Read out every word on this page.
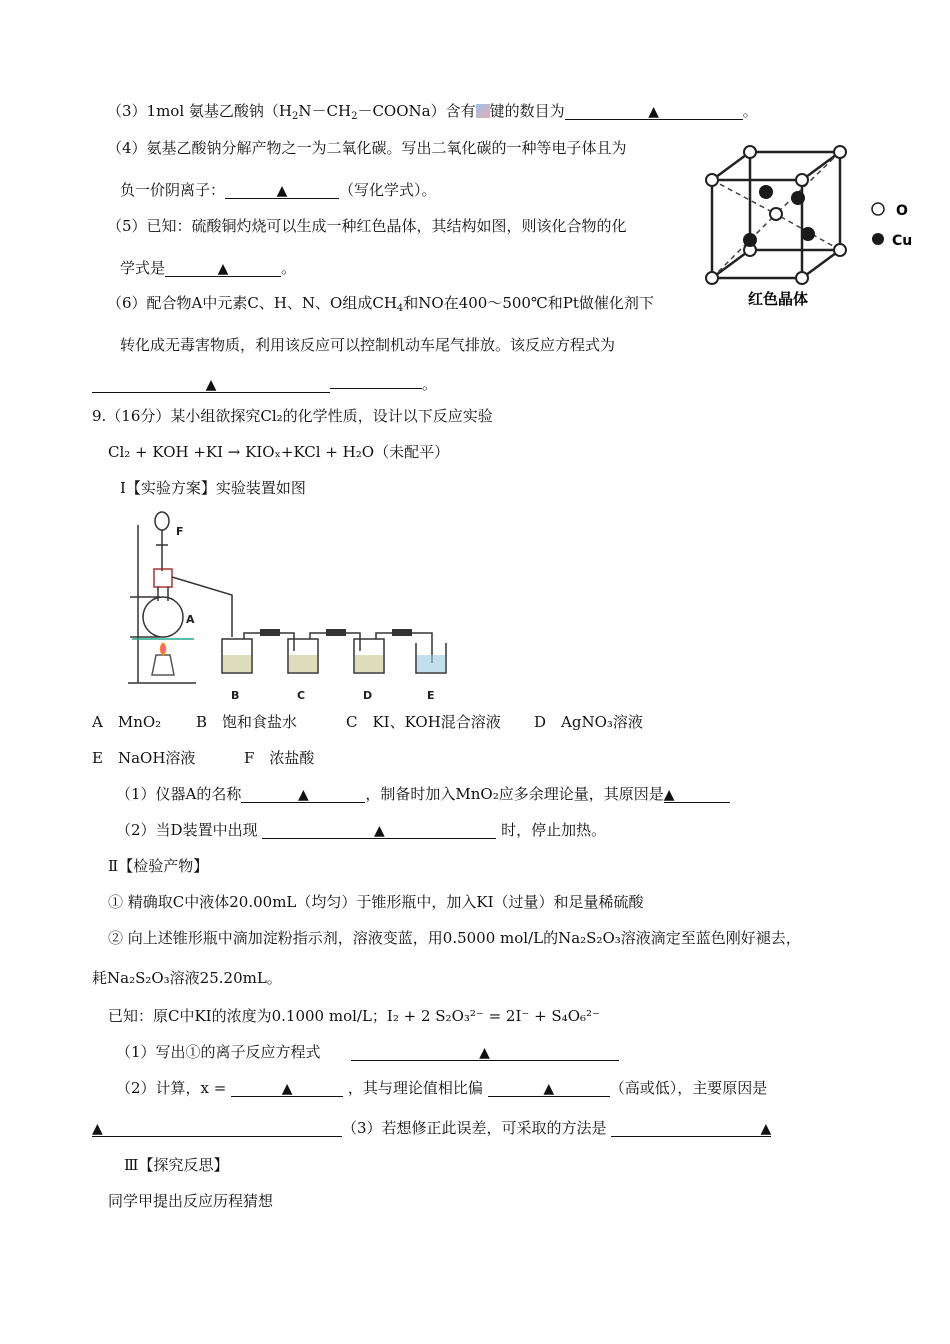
（3）1mol 氨基乙酸钠$(H_2N-CH_2-COONa)$含有 键的数目为	▲	。
（4）氨基乙酸钠分解产物之一为二氧化碳。写出二氧化碳的一种等电子体且为
负一价阴离子：	▲	（写化学式）。
（5）已知：硫酸铜灼烧可以生成一种红色晶体，其结构如图，则该化合物的化
学式是	▲	。
（6）配合物A中元素C、H、N、O组成$CH_4$和NO在400～500℃和Pt做催化剂下
转化成无毒害物质，利用该反应可以控制机动车尾气排放。该反应方程式为
▲	。
O
Cu
红色晶体
9.（16分）某小组欲探究Cl₂的化学性质，设计以下反应实验
Cl₂ + KOH +KI → KIOₓ+KCl + H₂O（未配平）
Ⅰ【实验方案】实验装置如图
F
A
B	C	D	E
A　MnO₂ B　饱和食盐水	C　KI、KOH混合溶液 D　AgNO₃溶液
E　NaOH溶液	F　浓盐酸
（1）仪器A的名称	▲	，制备时加入MnO₂应多余理论量，其原因是▲
（2）当D装置中出现	▲	时，停止加热。
Ⅱ【检验产物】
① 精确取C中液体20.00mL（均匀）于锥形瓶中，加入KI（过量）和足量稀硫酸
② 向上述锥形瓶中滴加淀粉指示剂，溶液变蓝，用0.5000 mol/L的Na₂S₂O₃溶液滴定至蓝色刚好褪去，
耗Na₂S₂O₃溶液25.20mL。
已知：原C中KI的浓度为0.1000 mol/L；I₂ + 2 S₂O₃²⁻ = 2I⁻ + S₄O₆²⁻
（1）写出①的离子反应方程式　　	▲
（2）计算，x =	▲	，其与理论值相比偏	▲	（高或低），主要原因是
▲	（3）若想修正此误差，可采取的方法是	▲
Ⅲ【探究反思】
同学甲提出反应历程猜想
